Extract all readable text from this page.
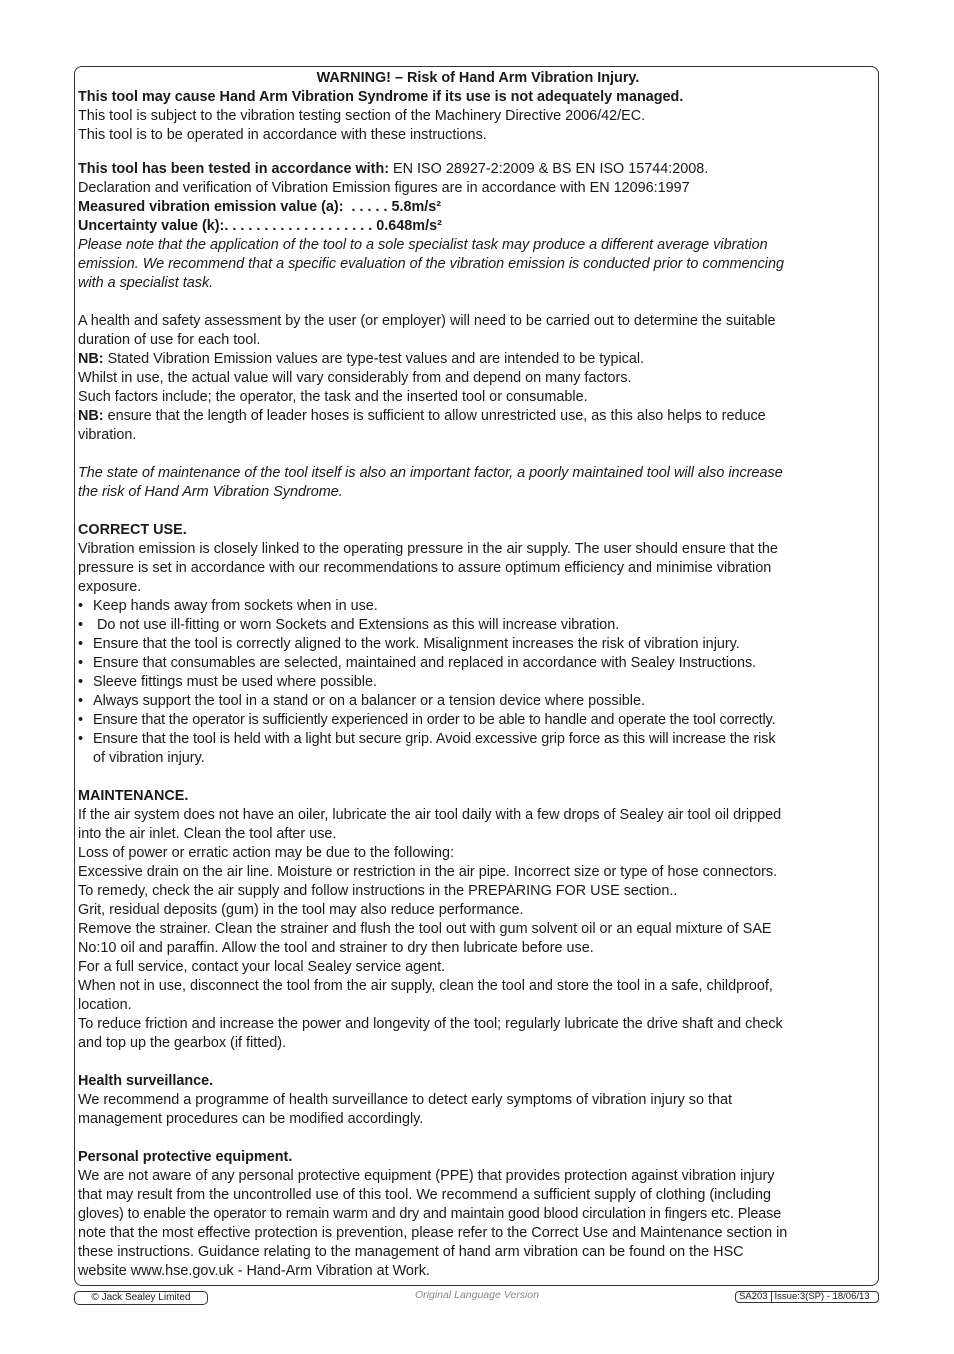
WARNING! – Risk of Hand Arm Vibration Injury.
This tool may cause Hand Arm Vibration Syndrome if its use is not adequately managed.
This tool is subject to the vibration testing section of the Machinery Directive 2006/42/EC.
This tool is to be operated in accordance with these instructions.
This tool has been tested in accordance with: EN ISO 28927-2:2009 & BS EN ISO 15744:2008.
Declaration and verification of Vibration Emission figures are in accordance with EN 12096:1997
Measured vibration emission value (a):  . . . . . 5.8m/s²
Uncertainty value (k):. . . . . . . . . . . . . . . . . . . 0.648m/s²
Please note that the application of the tool to a sole specialist task may produce a different average vibration
emission. We recommend that a specific evaluation of the vibration emission is conducted prior to commencing
with a specialist task.
A health and safety assessment by the user (or employer) will need to be carried out to determine the suitable
duration of use for each tool.
NB: Stated Vibration Emission values are type-test values and are intended to be typical.
Whilst in use, the actual value will vary considerably from and depend on many factors.
Such factors include; the operator, the task and the inserted tool or consumable.
NB: ensure that the length of leader hoses is sufficient to allow unrestricted use, as this also helps to reduce
vibration.
The state of maintenance of the tool itself is also an important factor, a poorly maintained tool will also increase
the risk of Hand Arm Vibration Syndrome.
CORRECT USE.
Vibration emission is closely linked to the operating pressure in the air supply. The user should ensure that the
pressure is set in accordance with our recommendations to assure optimum efficiency and minimise vibration
exposure.
• Keep hands away from sockets when in use.
• Do not use ill-fitting or worn Sockets and Extensions as this will increase vibration.
• Ensure that the tool is correctly aligned to the work. Misalignment increases the risk of vibration injury.
• Ensure that consumables are selected, maintained and replaced in accordance with Sealey Instructions.
• Sleeve fittings must be used where possible.
• Always support the tool in a stand or on a balancer or a tension device where possible.
• Ensure that the operator is sufficiently experienced in order to be able to handle and operate the tool correctly.
• Ensure that the tool is held with a light but secure grip. Avoid excessive grip force as this will increase the risk
of vibration injury.
MAINTENANCE.
If the air system does not have an oiler, lubricate the air tool daily with a few drops of Sealey air tool oil dripped
into the air inlet. Clean the tool after use.
Loss of power or erratic action may be due to the following:
Excessive drain on the air line. Moisture or restriction in the air pipe. Incorrect size or type of hose connectors.
To remedy, check the air supply and follow instructions in the PREPARING FOR USE section..
Grit, residual deposits (gum) in the tool may also reduce performance.
Remove the strainer. Clean the strainer and flush the tool out with gum solvent oil or an equal mixture of SAE
No:10 oil and paraffin. Allow the tool and strainer to dry then lubricate before use.
For a full service, contact your local Sealey service agent.
When not in use, disconnect the tool from the air supply, clean the tool and store the tool in a safe, childproof,
location.
To reduce friction and increase the power and longevity of the tool; regularly lubricate the drive shaft and check
and top up the gearbox (if fitted).
Health surveillance.
We recommend a programme of health surveillance to detect early symptoms of vibration injury so that
management procedures can be modified accordingly.
Personal protective equipment.
We are not aware of any personal protective equipment (PPE) that provides protection against vibration injury
that may result from the uncontrolled use of this tool. We recommend a sufficient supply of clothing (including
gloves) to enable the operator to remain warm and dry and maintain good blood circulation in fingers etc. Please
note that the most effective protection is prevention, please refer to the Correct Use and Maintenance section in
these instructions. Guidance relating to the management of hand arm vibration can be found on the HSC
website www.hse.gov.uk - Hand-Arm Vibration at Work.
© Jack Sealey Limited	Original Language Version	SA203 Issue:3(SP) - 18/06/13
